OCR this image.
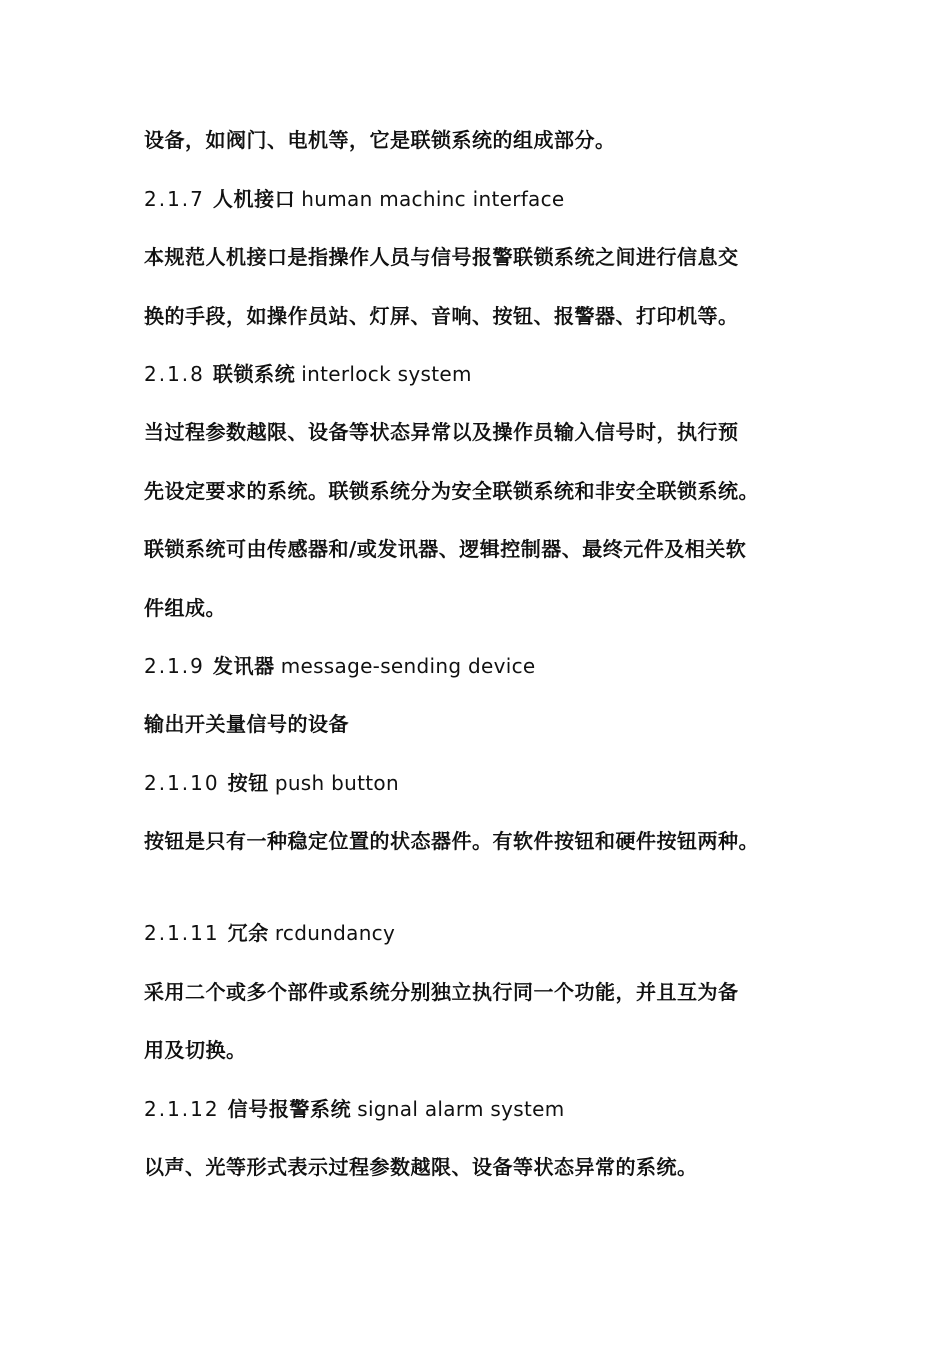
设备，如阀门、电机等，它是联锁系统的组成部分。
2.1.7 人机接口 human machinc interface
本规范人机接口是指操作人员与信号报警联锁系统之间进行信息交
换的手段，如操作员站、灯屏、音响、按钮、报警器、打印机等。
2.1.8 联锁系统 interlock system
当过程参数越限、设备等状态异常以及操作员输入信号时，执行预
先设定要求的系统。联锁系统分为安全联锁系统和非安全联锁系统。
联锁系统可由传感器和/或发讯器、逻辑控制器、最终元件及相关软
件组成。
2.1.9 发讯器 message-sending device
输出开关量信号的设备
2.1.10 按钮 push button
按钮是只有一种稳定位置的状态器件。有软件按钮和硬件按钮两种。
2.1.11 冗余 rcdundancy
采用二个或多个部件或系统分别独立执行同一个功能，并且互为备
用及切换。
2.1.12 信号报警系统 signal alarm system
以声、光等形式表示过程参数越限、设备等状态异常的系统。
